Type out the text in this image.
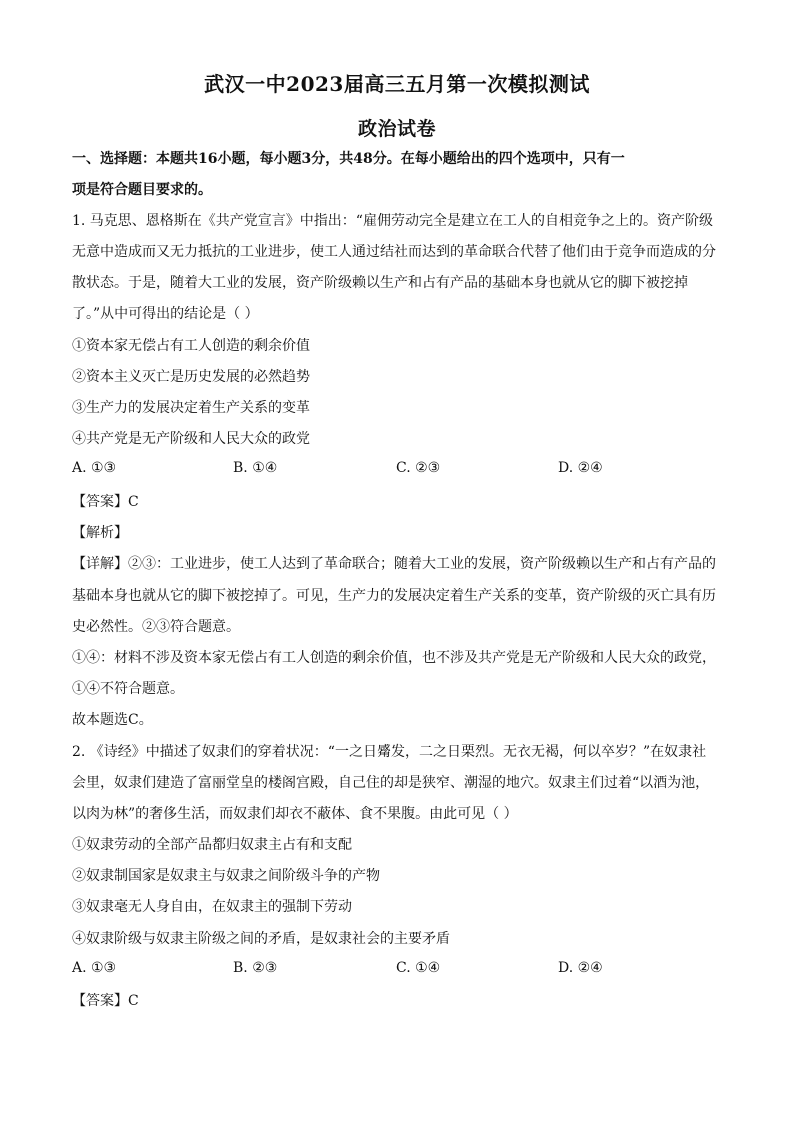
武汉一中2023届高三五月第一次模拟测试
政治试卷
一、选择题：本题共16小题，每小题3分，共48分。在每小题给出的四个选项中，只有一
项是符合题目要求的。
1. 马克思、恩格斯在《共产党宣言》中指出：“雇佣劳动完全是建立在工人的自相竞争之上的。资产阶级
无意中造成而又无力抵抗的工业进步，使工人通过结社而达到的革命联合代替了他们由于竞争而造成的分
散状态。于是，随着大工业的发展，资产阶级赖以生产和占有产品的基础本身也就从它的脚下被挖掉
了。”从中可得出的结论是（ ）
①资本家无偿占有工人创造的剩余价值
②资本主义灭亡是历史发展的必然趋势
③生产力的发展决定着生产关系的变革
④共产党是无产阶级和人民大众的政党
A. ①③	B. ①④	C. ②③	D. ②④
【答案】C
【解析】
【详解】②③：工业进步，使工人达到了革命联合；随着大工业的发展，资产阶级赖以生产和占有产品的
基础本身也就从它的脚下被挖掉了。可见，生产力的发展决定着生产关系的变革，资产阶级的灭亡具有历
史必然性。②③符合题意。
①④：材料不涉及资本家无偿占有工人创造的剩余价值，也不涉及共产党是无产阶级和人民大众的政党，
①④不符合题意。
故本题选C。
2. 《诗经》中描述了奴隶们的穿着状况：“一之日觱发，二之日栗烈。无衣无褐，何以卒岁？”在奴隶社
会里，奴隶们建造了富丽堂皇的楼阁宫殿，自己住的却是狭窄、潮湿的地穴。奴隶主们过着“以酒为池，
以肉为林”的奢侈生活，而奴隶们却衣不蔽体、食不果腹。由此可见（ ）
①奴隶劳动的全部产品都归奴隶主占有和支配
②奴隶制国家是奴隶主与奴隶之间阶级斗争的产物
③奴隶毫无人身自由，在奴隶主的强制下劳动
④奴隶阶级与奴隶主阶级之间的矛盾，是奴隶社会的主要矛盾
A. ①③	B. ②③	C. ①④	D. ②④
【答案】C
